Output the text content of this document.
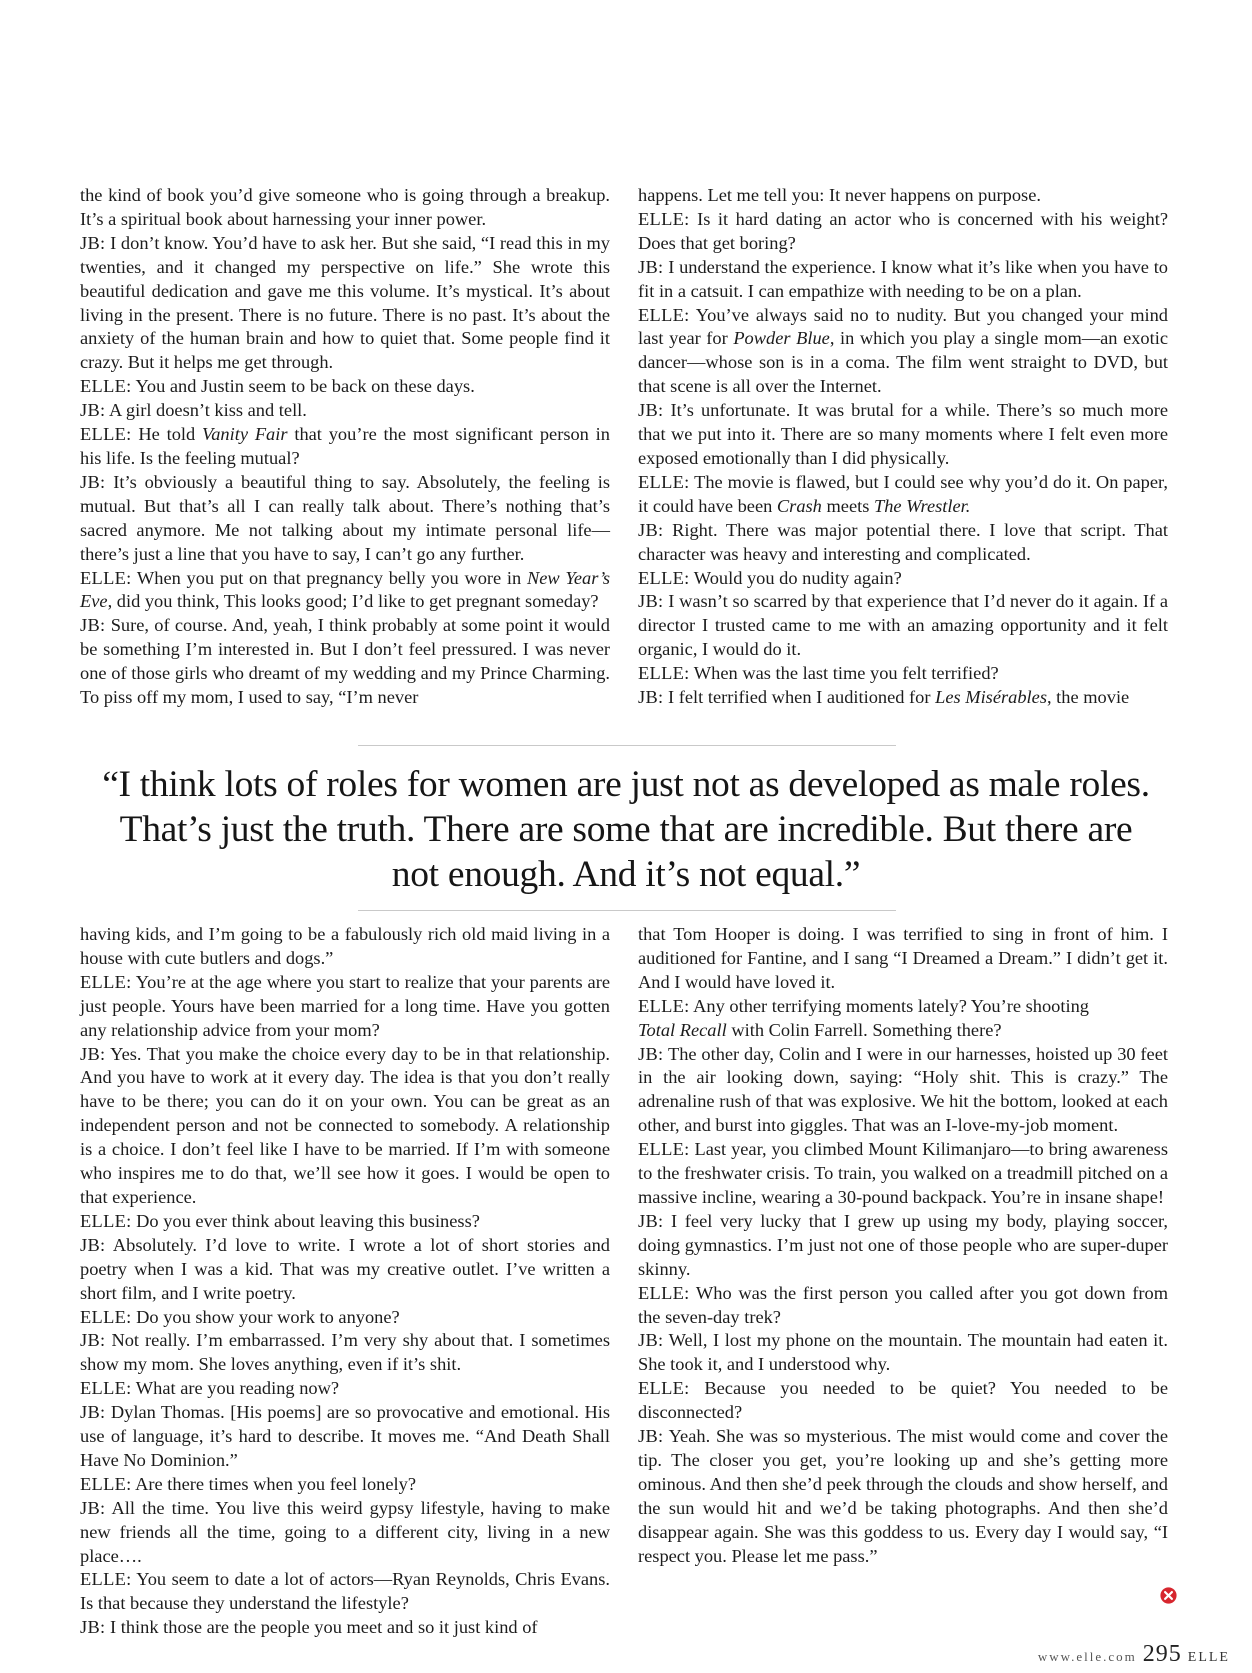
the kind of book you’d give someone who is going through a breakup. It’s a spiritual book about harnessing your inner power.

JB: I don’t know. You’d have to ask her. But she said, “I read this in my twenties, and it changed my perspective on life.” She wrote this beautiful dedication and gave me this volume. It’s mystical. It’s about living in the present. There is no future. There is no past. It’s about the anxiety of the human brain and how to quiet that. Some people find it crazy. But it helps me get through.

ELLE: You and Justin seem to be back on these days.

JB: A girl doesn’t kiss and tell.

ELLE: He told Vanity Fair that you’re the most significant person in his life. Is the feeling mutual?

JB: It’s obviously a beautiful thing to say. Absolutely, the feeling is mutual. But that’s all I can really talk about. There’s nothing that’s sacred anymore. Me not talking about my intimate personal life—there’s just a line that you have to say, I can’t go any further.

ELLE: When you put on that pregnancy belly you wore in New Year’s Eve, did you think, This looks good; I’d like to get pregnant someday?

JB: Sure, of course. And, yeah, I think probably at some point it would be something I’m interested in. But I don’t feel pressured. I was never one of those girls who dreamt of my wedding and my Prince Charming. To piss off my mom, I used to say, “I’m never

happens. Let me tell you: It never happens on purpose.

ELLE: Is it hard dating an actor who is concerned with his weight? Does that get boring?

JB: I understand the experience. I know what it’s like when you have to fit in a catsuit. I can empathize with needing to be on a plan.

ELLE: You’ve always said no to nudity. But you changed your mind last year for Powder Blue, in which you play a single mom—an exotic dancer—whose son is in a coma. The film went straight to DVD, but that scene is all over the Internet.

JB: It’s unfortunate. It was brutal for a while. There’s so much more that we put into it. There are so many moments where I felt even more exposed emotionally than I did physically.

ELLE: The movie is flawed, but I could see why you’d do it. On paper, it could have been Crash meets The Wrestler.

JB: Right. There was major potential there. I love that script. That character was heavy and interesting and complicated.

ELLE: Would you do nudity again?

JB: I wasn’t so scarred by that experience that I’d never do it again. If a director I trusted came to me with an amazing opportunity and it felt organic, I would do it.

ELLE: When was the last time you felt terrified?

JB: I felt terrified when I auditioned for Les Misérables, the movie

“I think lots of roles for women are just not as developed as male roles.

That’s just the truth. There are some that are incredible. But there are

not enough. And it’s not equal.”

having kids, and I’m going to be a fabulously rich old maid living in a house with cute butlers and dogs.”

ELLE: You’re at the age where you start to realize that your parents are just people. Yours have been married for a long time. Have you gotten any relationship advice from your mom?

JB: Yes. That you make the choice every day to be in that relationship. And you have to work at it every day. The idea is that you don’t really have to be there; you can do it on your own. You can be great as an independent person and not be connected to somebody. A relationship is a choice. I don’t feel like I have to be married. If I’m with someone who inspires me to do that, we’ll see how it goes. I would be open to that experience.

ELLE: Do you ever think about leaving this business?

JB: Absolutely. I’d love to write. I wrote a lot of short stories and poetry when I was a kid. That was my creative outlet. I’ve written a short film, and I write poetry.

ELLE: Do you show your work to anyone?

JB: Not really. I’m embarrassed. I’m very shy about that. I sometimes show my mom. She loves anything, even if it’s shit.

ELLE: What are you reading now?

JB: Dylan Thomas. [His poems] are so provocative and emotional. His use of language, it’s hard to describe. It moves me. “And Death Shall Have No Dominion.”

ELLE: Are there times when you feel lonely?

JB: All the time. You live this weird gypsy lifestyle, having to make new friends all the time, going to a different city, living in a new place….

ELLE: You seem to date a lot of actors—Ryan Reynolds, Chris Evans. Is that because they understand the lifestyle?

JB: I think those are the people you meet and so it just kind of

that Tom Hooper is doing. I was terrified to sing in front of him. I auditioned for Fantine, and I sang “I Dreamed a Dream.” I didn’t get it. And I would have loved it.

ELLE: Any other terrifying moments lately? You’re shooting

Total Recall with Colin Farrell. Something there?

JB: The other day, Colin and I were in our harnesses, hoisted up 30 feet in the air looking down, saying: “Holy shit. This is crazy.” The adrenaline rush of that was explosive. We hit the bottom, looked at each other, and burst into giggles. That was an I-love-my-job moment.

ELLE: Last year, you climbed Mount Kilimanjaro—to bring awareness to the freshwater crisis. To train, you walked on a treadmill pitched on a massive incline, wearing a 30-pound backpack. You’re in insane shape!

JB: I feel very lucky that I grew up using my body, playing soccer, doing gymnastics. I’m just not one of those people who are super-duper skinny.

ELLE: Who was the first person you called after you got down from the seven-day trek?

JB: Well, I lost my phone on the mountain. The mountain had eaten it. She took it, and I understood why.

ELLE: Because you needed to be quiet? You needed to be disconnected?

JB: Yeah. She was so mysterious. The mist would come and cover the tip. The closer you get, you’re looking up and she’s getting more ominous. And then she’d peek through the clouds and show herself, and the sun would hit and we’d be taking photographs. And then she’d disappear again. She was this goddess to us. Every day I would say, “I respect you. Please let me pass.”

www.elle.com 295 ELLE
